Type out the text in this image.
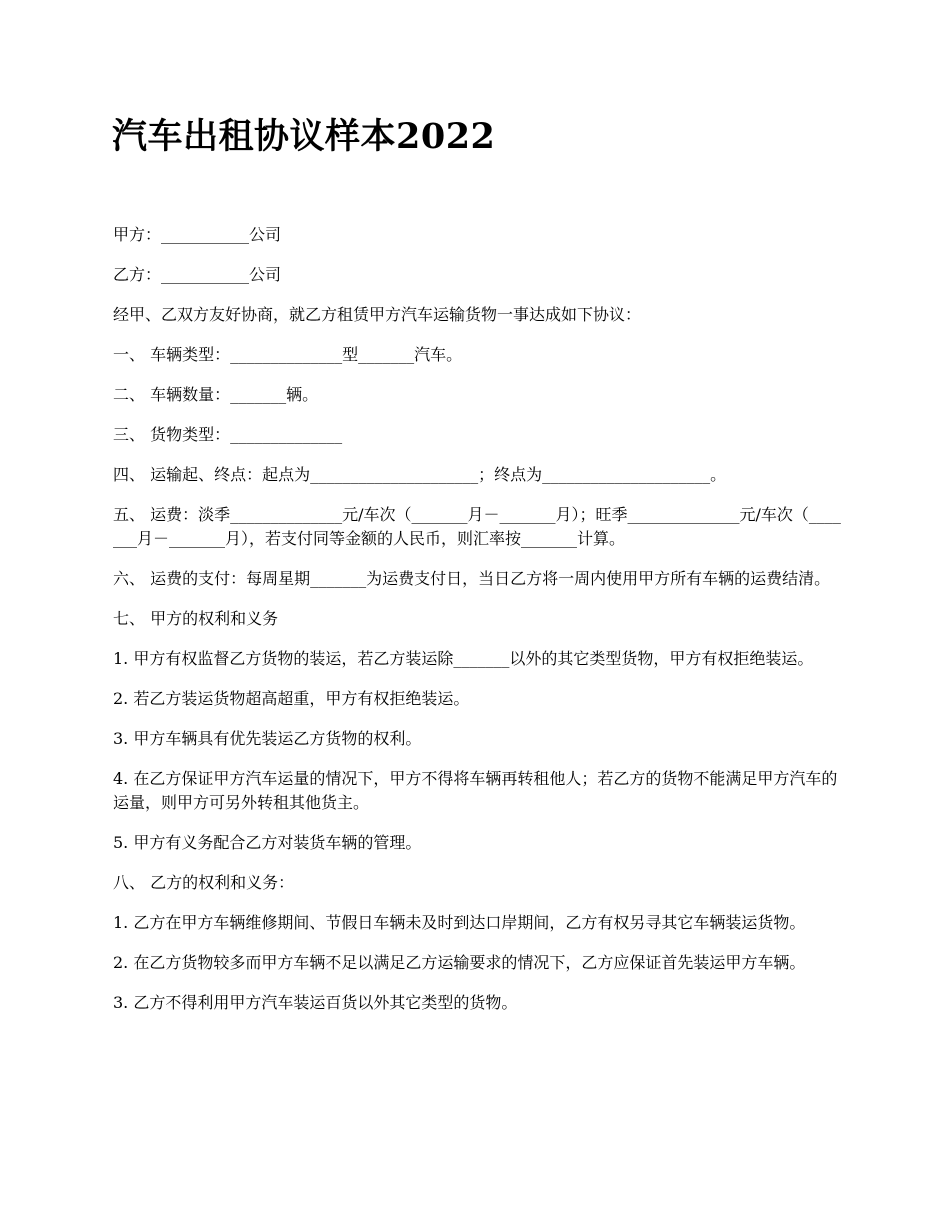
汽车出租协议样本2022

甲方：___________公司

乙方：___________公司

经甲、乙双方友好协商，就乙方租赁甲方汽车运输货物一事达成如下协议：

一、 车辆类型：______________型_______汽车。

二、 车辆数量：_______辆。

三、 货物类型：______________

四、 运输起、终点：起点为_____________________；终点为_____________________。

五、 运费：淡季______________元/车次（_______月－_______月）；旺季______________元/车次（_______月－_______月），若支付同等金额的人民币，则汇率按_______计算。

六、 运费的支付：每周星期_______为运费支付日，当日乙方将一周内使用甲方所有车辆的运费结清。

七、 甲方的权利和义务

1. 甲方有权监督乙方货物的装运，若乙方装运除_______以外的其它类型货物，甲方有权拒绝装运。

2. 若乙方装运货物超高超重，甲方有权拒绝装运。

3. 甲方车辆具有优先装运乙方货物的权利。

4. 在乙方保证甲方汽车运量的情况下，甲方不得将车辆再转租他人；若乙方的货物不能满足甲方汽车的运量，则甲方可另外转租其他货主。

5. 甲方有义务配合乙方对装货车辆的管理。

八、 乙方的权利和义务：

1. 乙方在甲方车辆维修期间、节假日车辆未及时到达口岸期间，乙方有权另寻其它车辆装运货物。

2. 在乙方货物较多而甲方车辆不足以满足乙方运输要求的情况下，乙方应保证首先装运甲方车辆。

3. 乙方不得利用甲方汽车装运百货以外其它类型的货物。
